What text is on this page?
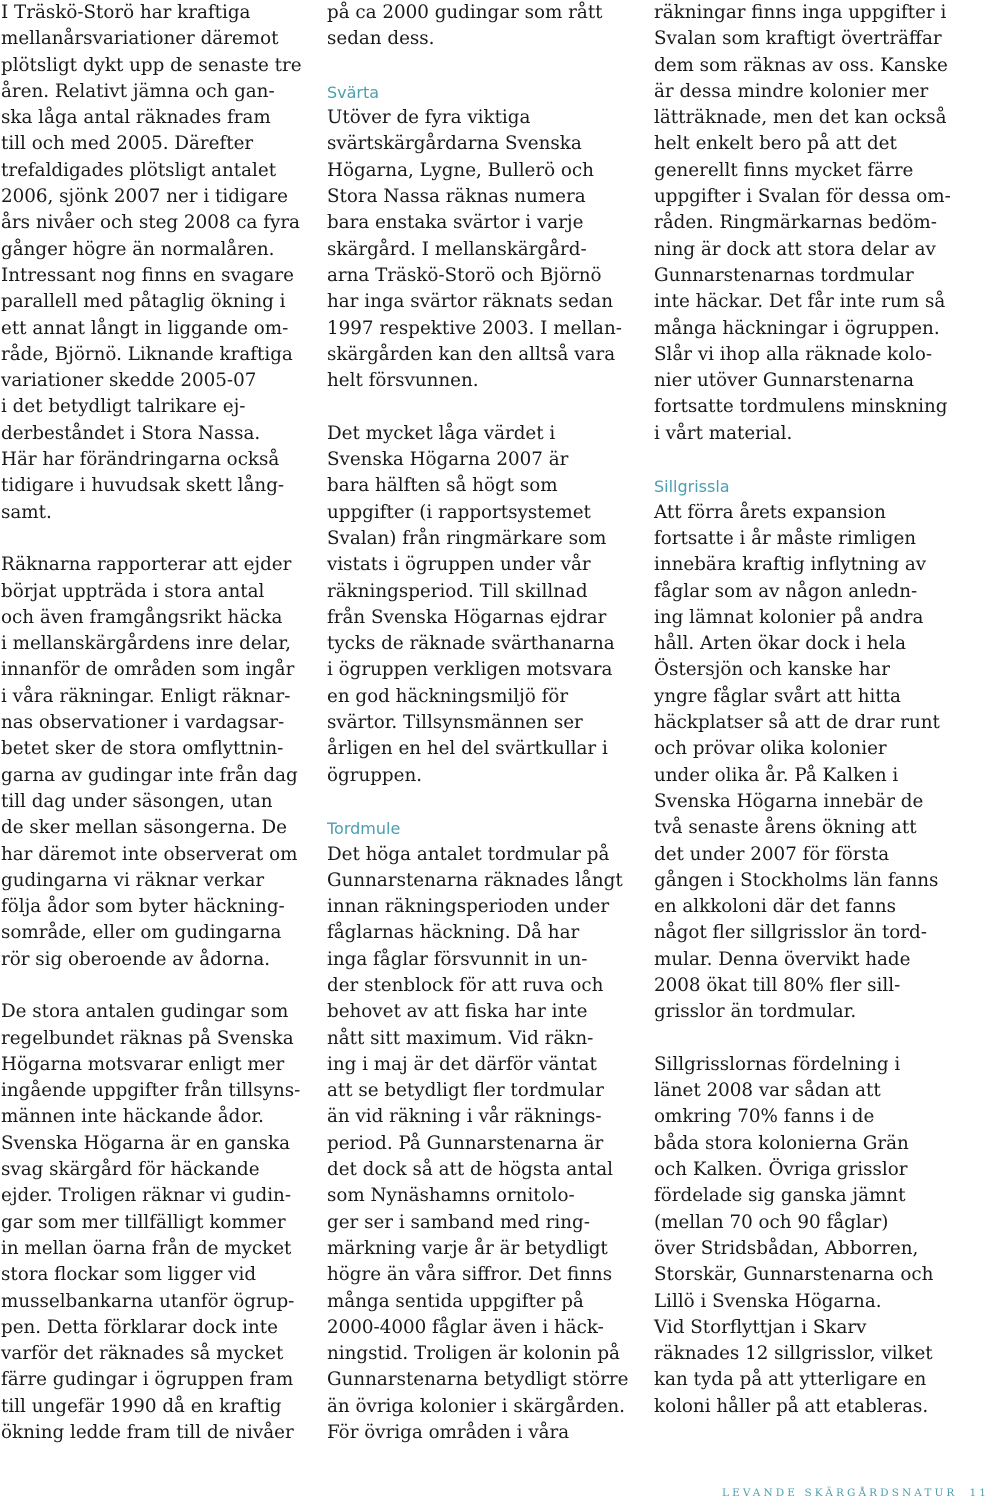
I Träskö-Storö har kraftiga
mellanårsvariationer däremot
plötsligt dykt upp de senaste tre
åren. Relativt jämna och gan-
ska låga antal räknades fram
till och med 2005. Därefter
trefaldigades plötsligt antalet
2006, sjönk 2007 ner i tidigare
års nivåer och steg 2008 ca fyra
gånger högre än normalåren.
Intressant nog finns en svagare
parallell med påtaglig ökning i
ett annat långt in liggande om-
råde, Björnö. Liknande kraftiga
variationer skedde 2005-07
i det betydligt talrikare ej-
derbeståndet i Stora Nassa.
Här har förändringarna också
tidigare i huvudsak skett lång-
samt.
Räknarna rapporterar att ejder
börjat uppträda i stora antal
och även framgångsrikt häcka
i mellanskärgårdens inre delar,
innanför de områden som ingår
i våra räkningar. Enligt räknar-
nas observationer i vardagsar-
betet sker de stora omflyttnin-
garna av gudingar inte från dag
till dag under säsongen, utan
de sker mellan säsongerna. De
har däremot inte observerat om
gudingarna vi räknar verkar
följa ådor som byter häckning-
sområde, eller om gudingarna
rör sig oberoende av ådorna.
De stora antalen gudingar som
regelbundet räknas på Svenska
Högarna motsvarar enligt mer
ingående uppgifter från tillsyns-
männen inte häckande ådor.
Svenska Högarna är en ganska
svag skärgård för häckande
ejder. Troligen räknar vi gudin-
gar som mer tillfälligt kommer
in mellan öarna från de mycket
stora flockar som ligger vid
musselbankarna utanför ögrup-
pen. Detta förklarar dock inte
varför det räknades så mycket
färre gudingar i ögruppen fram
till ungefär 1990 då en kraftig
ökning ledde fram till de nivåer
på ca 2000 gudingar som rått
sedan dess.
Svärta
Utöver de fyra viktiga
svärtskärgårdarna Svenska
Högarna, Lygne, Bullerö och
Stora Nassa räknas numera
bara enstaka svärtor i varje
skärgård. I mellanskärgård-
arna Träskö-Storö och Björnö
har inga svärtor räknats sedan
1997 respektive 2003. I mellan-
skärgården kan den alltså vara
helt försvunnen.
Det mycket låga värdet i
Svenska Högarna 2007 är
bara hälften så högt som
uppgifter (i rapportsystemet
Svalan) från ringmärkare som
vistats i ögruppen under vår
räkningsperiod. Till skillnad
från Svenska Högarnas ejdrar
tycks de räknade svärthanarna
i ögruppen verkligen motsvara
en god häckningsmiljö för
svärtor. Tillsynsmännen ser
årligen en hel del svärtkullar i
ögruppen.
Tordmule
Det höga antalet tordmular på
Gunnarstenarna räknades långt
innan räkningsperioden under
fåglarnas häckning. Då har
inga fåglar försvunnit in un-
der stenblock för att ruva och
behovet av att fiska har inte
nått sitt maximum. Vid räkn-
ing i maj är det därför väntat
att se betydligt fler tordmular
än vid räkning i vår räknings-
period. På Gunnarstenarna är
det dock så att de högsta antal
som Nynäshamns ornitolo-
ger ser i samband med ring-
märkning varje år är betydligt
högre än våra siffror. Det finns
många sentida uppgifter på
2000-4000 fåglar även i häck-
ningstid. Troligen är kolonin på
Gunnarstenarna betydligt större
än övriga kolonier i skärgården.
För övriga områden i våra
räkningar finns inga uppgifter i
Svalan som kraftigt överträffar
dem som räknas av oss. Kanske
är dessa mindre kolonier mer
lätträknade, men det kan också
helt enkelt bero på att det
generellt finns mycket färre
uppgifter i Svalan för dessa om-
råden. Ringmärkarnas bedöm-
ning är dock att stora delar av
Gunnarstenarnas tordmular
inte häckar. Det får inte rum så
många häckningar i ögruppen.
Slår vi ihop alla räknade kolo-
nier utöver Gunnarstenarna
fortsatte tordmulens minskning
i vårt material.
Sillgrissla
Att förra årets expansion
fortsatte i år måste rimligen
innebära kraftig inflytning av
fåglar som av någon anledn-
ing lämnat kolonier på andra
håll. Arten ökar dock i hela
Östersjön och kanske har
yngre fåglar svårt att hitta
häckplatser så att de drar runt
och prövar olika kolonier
under olika år. På Kalken i
Svenska Högarna innebär de
två senaste årens ökning att
det under 2007 för första
gången i Stockholms län fanns
en alkkoloni där det fanns
något fler sillgrisslor än tord-
mular. Denna övervikt hade
2008 ökat till 80% fler sill-
grisslor än tordmular.
Sillgrisslornas fördelning i
länet 2008 var sådan att
omkring 70% fanns i de
båda stora kolonierna Grän
och Kalken. Övriga grisslor
fördelade sig ganska jämnt
(mellan 70 och 90 fåglar)
över Stridsbådan, Abborren,
Storskär, Gunnarstenarna och
Lillö i Svenska Högarna.
Vid Storflyttjan i Skarv
räknades 12 sillgrisslor, vilket
kan tyda på att ytterligare en
koloni håller på att etableras.
LEVANDE SKÄRGÅRDSNATUR 11
